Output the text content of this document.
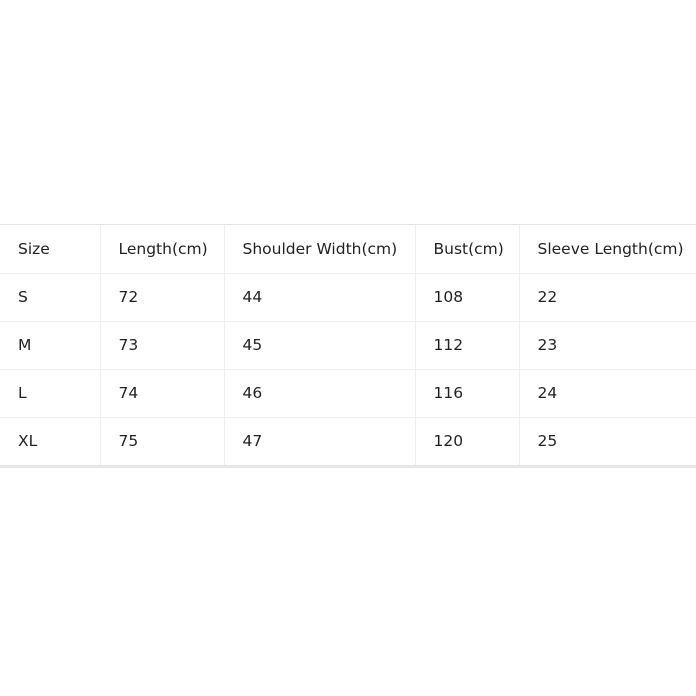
Size	Length(cm)	Shoulder Width(cm)	Bust(cm)	Sleeve Length(cm)
S	72	44	108	22
M	73	45	112	23
L	74	46	116	24
XL	75	47	120	25
